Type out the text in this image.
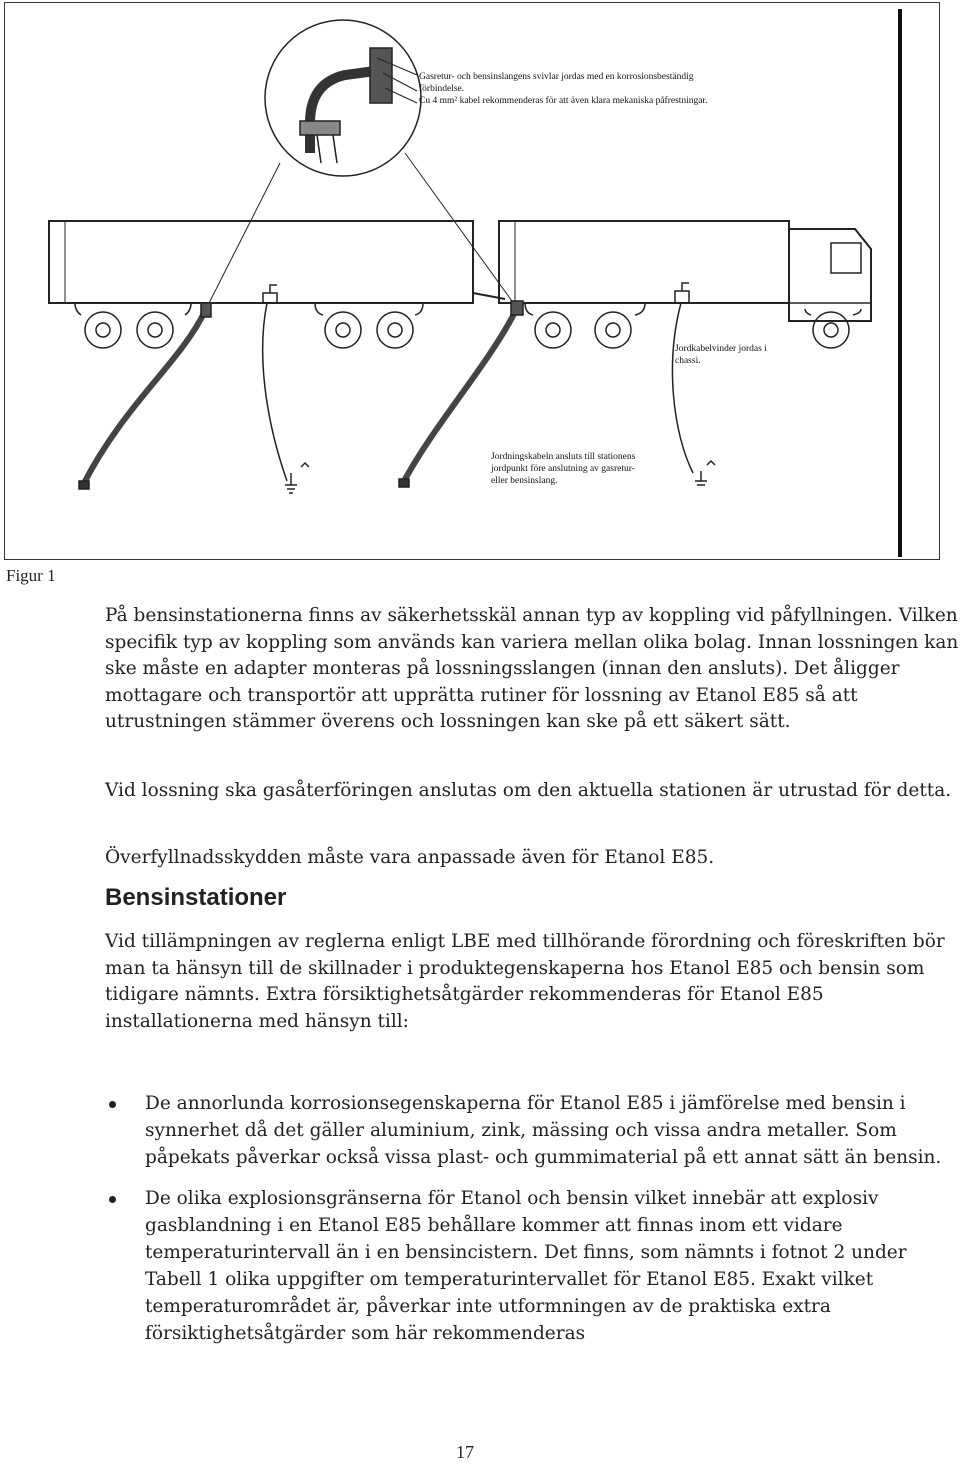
Gasretur- och bensinslangens svivlar jordas med en korrosionsbeständig
förbindelse.
Cu 4 mm² kabel rekommenderas för att även klara mekaniska påfrestningar.
Jordkabelvinder jordas i
chassi.
Jordningskabeln ansluts till stationens
jordpunkt före anslutning av gasretur-
eller bensinslang.
Figur 1

På bensinstationerna finns av säkerhetsskäl annan typ av koppling vid påfyllningen. Vilken specifik typ av koppling som används kan variera mellan olika bolag. Innan lossningen kan ske måste en adapter monteras på lossningsslangen (innan den ansluts). Det åligger mottagare och transportör att upprätta rutiner för lossning av Etanol E85 så att utrustningen stämmer överens och lossningen kan ske på ett säkert sätt.

Vid lossning ska gasåterföringen anslutas om den aktuella stationen är utrustad för detta.

Överfyllnadsskydden måste vara anpassade även för Etanol E85.

Bensinstationer

Vid tillämpningen av reglerna enligt LBE med tillhörande förordning och föreskriften bör man ta hänsyn till de skillnader i produktegenskaperna hos Etanol E85 och bensin som tidigare nämnts. Extra försiktighetsåtgärder rekommenderas för Etanol E85 installationerna med hänsyn till:

De annorlunda korrosionsegenskaperna för Etanol E85 i jämförelse med bensin i synnerhet då det gäller aluminium, zink, mässing och vissa andra metaller. Som påpekats påverkar också vissa plast- och gummimaterial på ett annat sätt än bensin.
De olika explosionsgränserna för Etanol och bensin vilket innebär att explosiv gasblandning i en Etanol E85 behållare kommer att finnas inom ett vidare temperaturintervall än i en bensincistern. Det finns, som nämnts i fotnot 2 under Tabell 1 olika uppgifter om temperaturintervallet för Etanol E85. Exakt vilket temperaturområdet är, påverkar inte utformningen av de praktiska extra försiktighetsåtgärder som här rekommenderas
17
